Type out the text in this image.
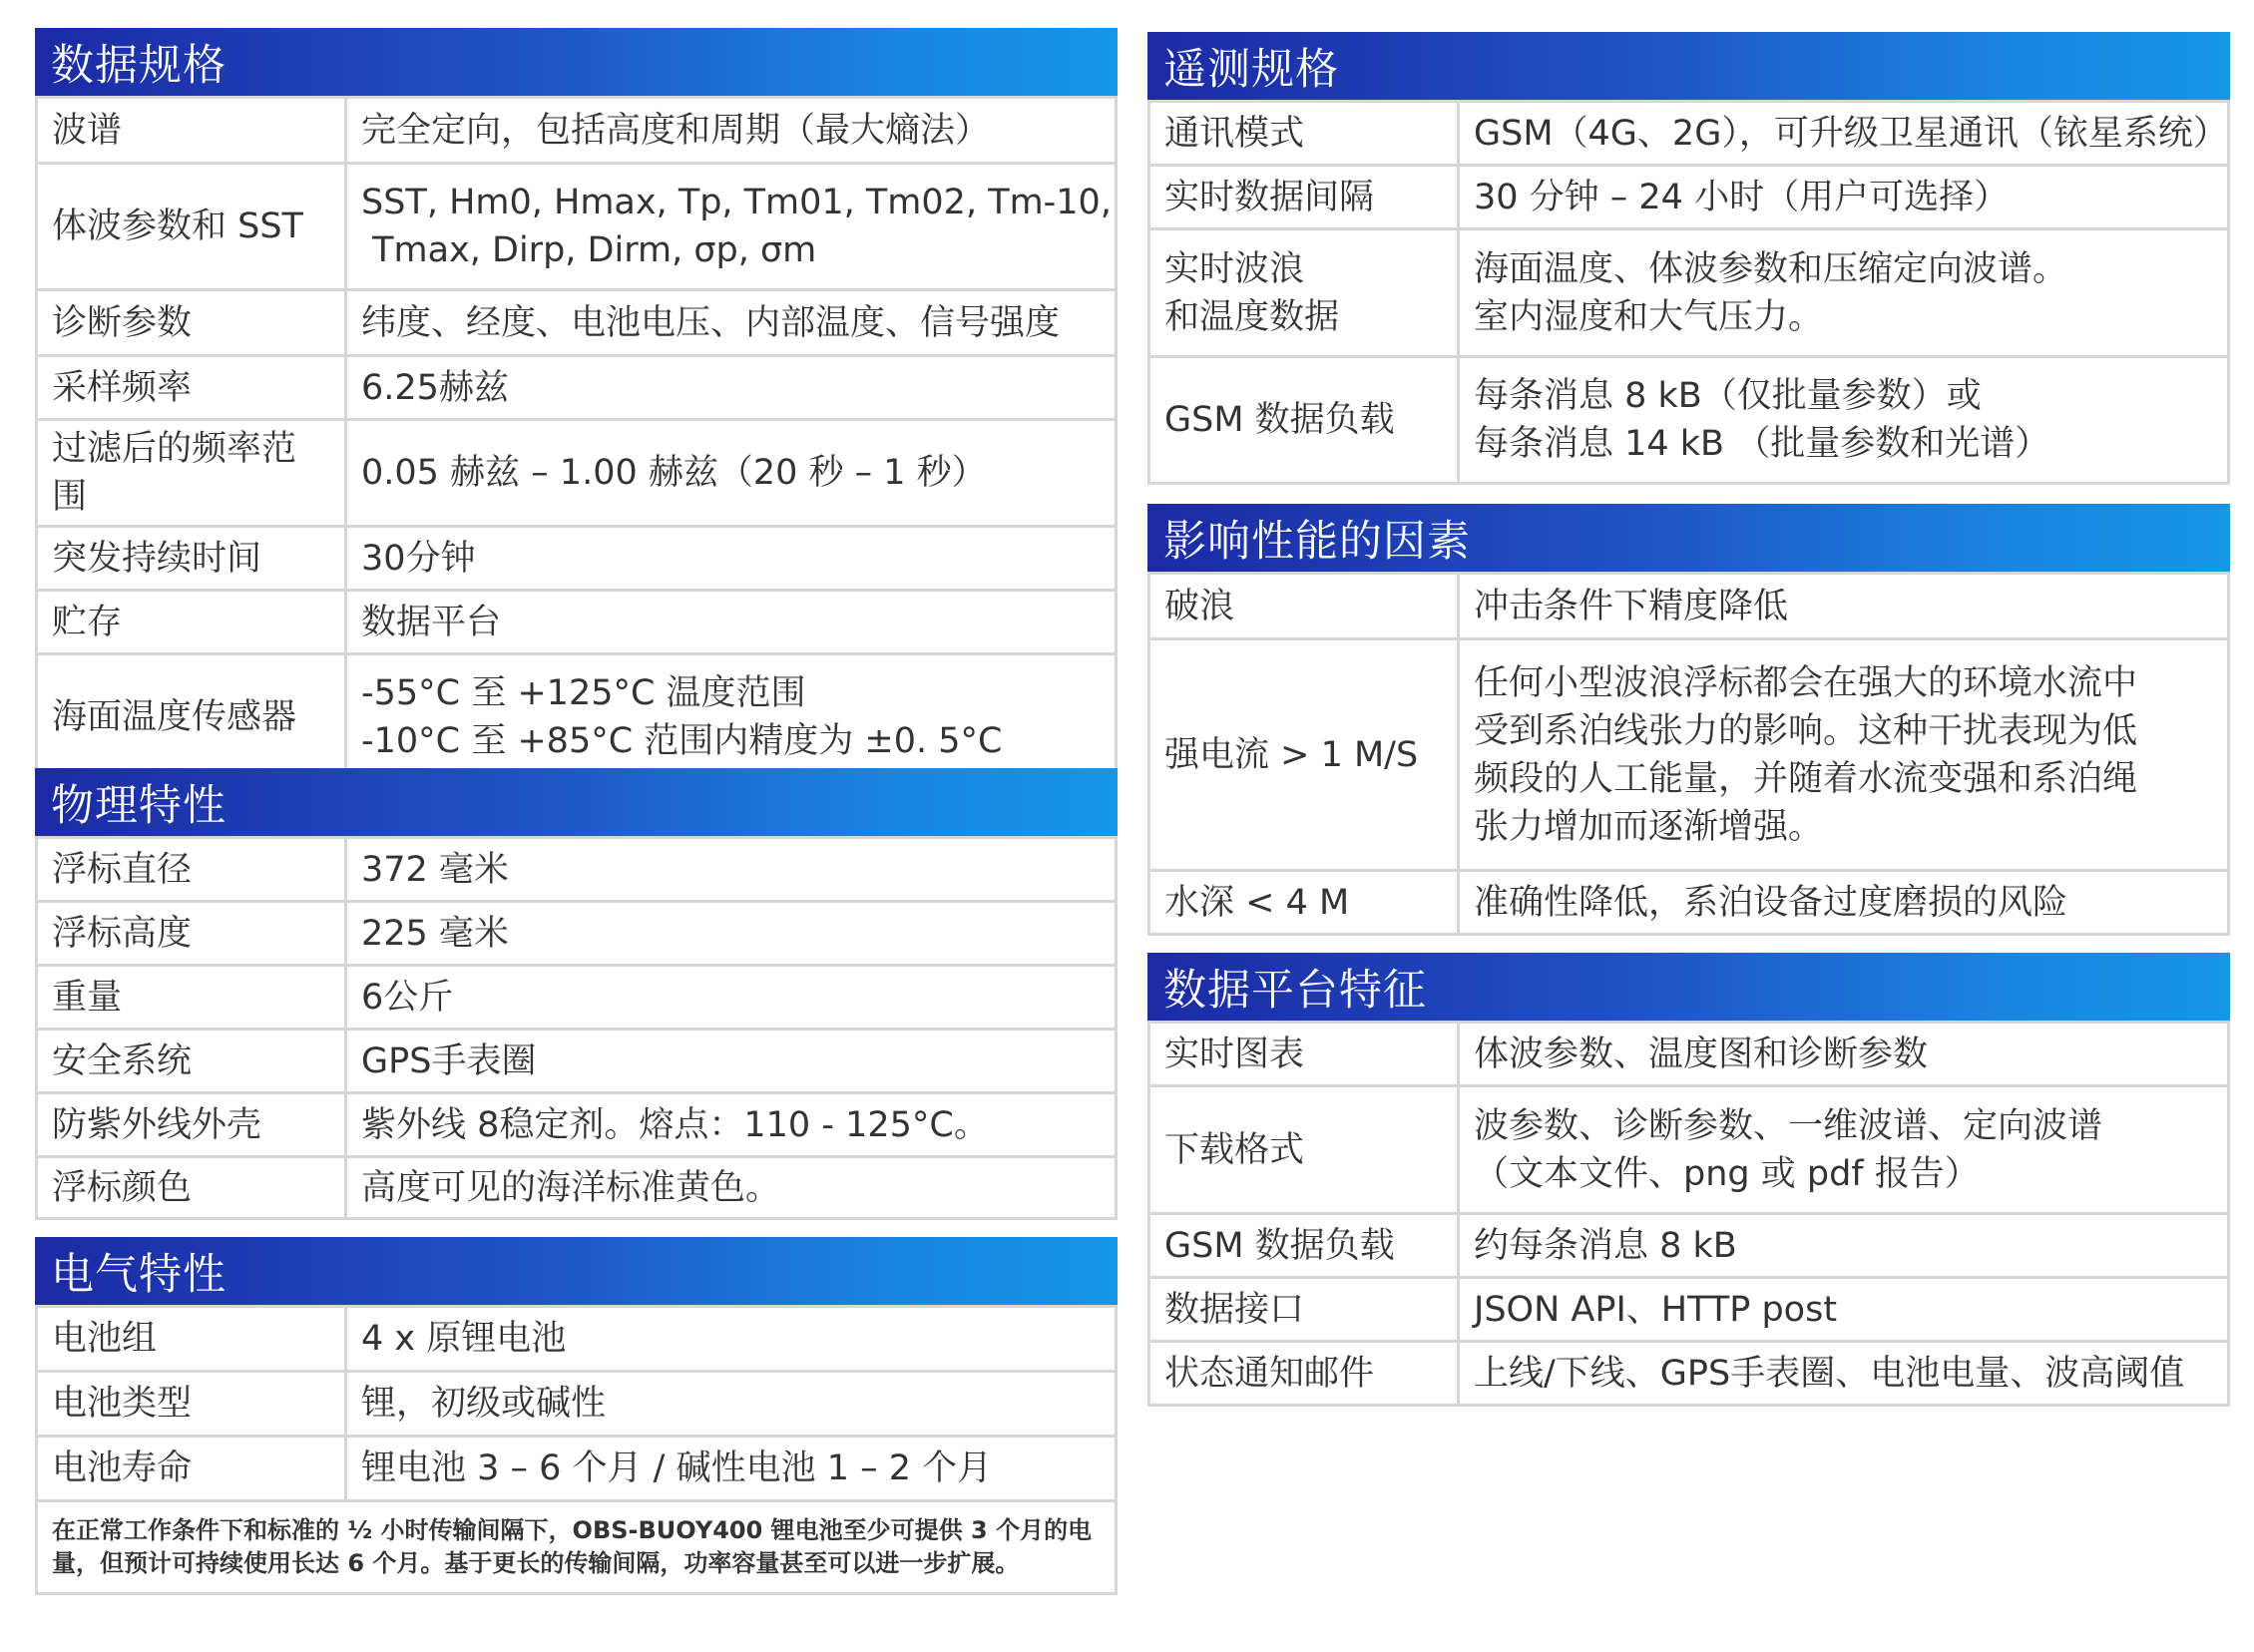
数据规格
波谱	完全定向，包括高度和周期（最大熵法）

体波参数和 SST	SST, Hm0, Hmax, Tp, Tm01, Tm02, Tm-10,
Tmax, Dirp, Dirm, σp, σm

诊断参数	纬度、经度、电池电压、内部温度、信号强度

采样频率	6.25赫兹

过滤后的频率范围	0.05 赫兹 – 1.00 赫兹（20 秒 – 1 秒）

突发持续时间	30分钟

贮存	数据平台

海面温度传感器	-55°C 至 +125°C 温度范围
-10°C 至 +85°C 范围内精度为 ±0. 5°C
物理特性
浮标直径	372 毫米

浮标高度	225 毫米

重量	6公斤

安全系统	GPS手表圈

防紫外线外壳	紫外线 8稳定剂。熔点：110 - 125°C。

浮标颜色	高度可见的海洋标准黄色。
电气特性
电池组	4 x 原锂电池

电池类型	锂，初级或碱性

电池寿命	锂电池 3 – 6 个月 / 碱性电池 1 – 2 个月
在正常工作条件下和标准的 ½ 小时传输间隔下，OBS-BUOY400 锂电池至少可提供 3 个月的电量，但预计可持续使用长达 6 个月。基于更长的传输间隔，功率容量甚至可以进一步扩展。
遥测规格
通讯模式	GSM（4G、2G），可升级卫星通讯（铱星系统）

实时数据间隔	30 分钟 – 24 小时（用户可选择）

实时波浪
和温度数据	海面温度、体波参数和压缩定向波谱。
室内湿度和大气压力。

GSM 数据负载	每条消息 8 kB（仅批量参数）或
每条消息 14 kB （批量参数和光谱）
影响性能的因素
破浪	冲击条件下精度降低

强电流 > 1 M/S	任何小型波浪浮标都会在强大的环境水流中
受到系泊线张力的影响。这种干扰表现为低
频段的人工能量，并随着水流变强和系泊绳
张力增加而逐渐增强。

水深 < 4 M	准确性降低，系泊设备过度磨损的风险
数据平台特征
实时图表	体波参数、温度图和诊断参数

下载格式	波参数、诊断参数、一维波谱、定向波谱
（文本文件、png 或 pdf 报告）

GSM 数据负载	约每条消息 8 kB

数据接口	JSON API、HTTP post

状态通知邮件	上线/下线、GPS手表圈、电池电量、波高阈值
